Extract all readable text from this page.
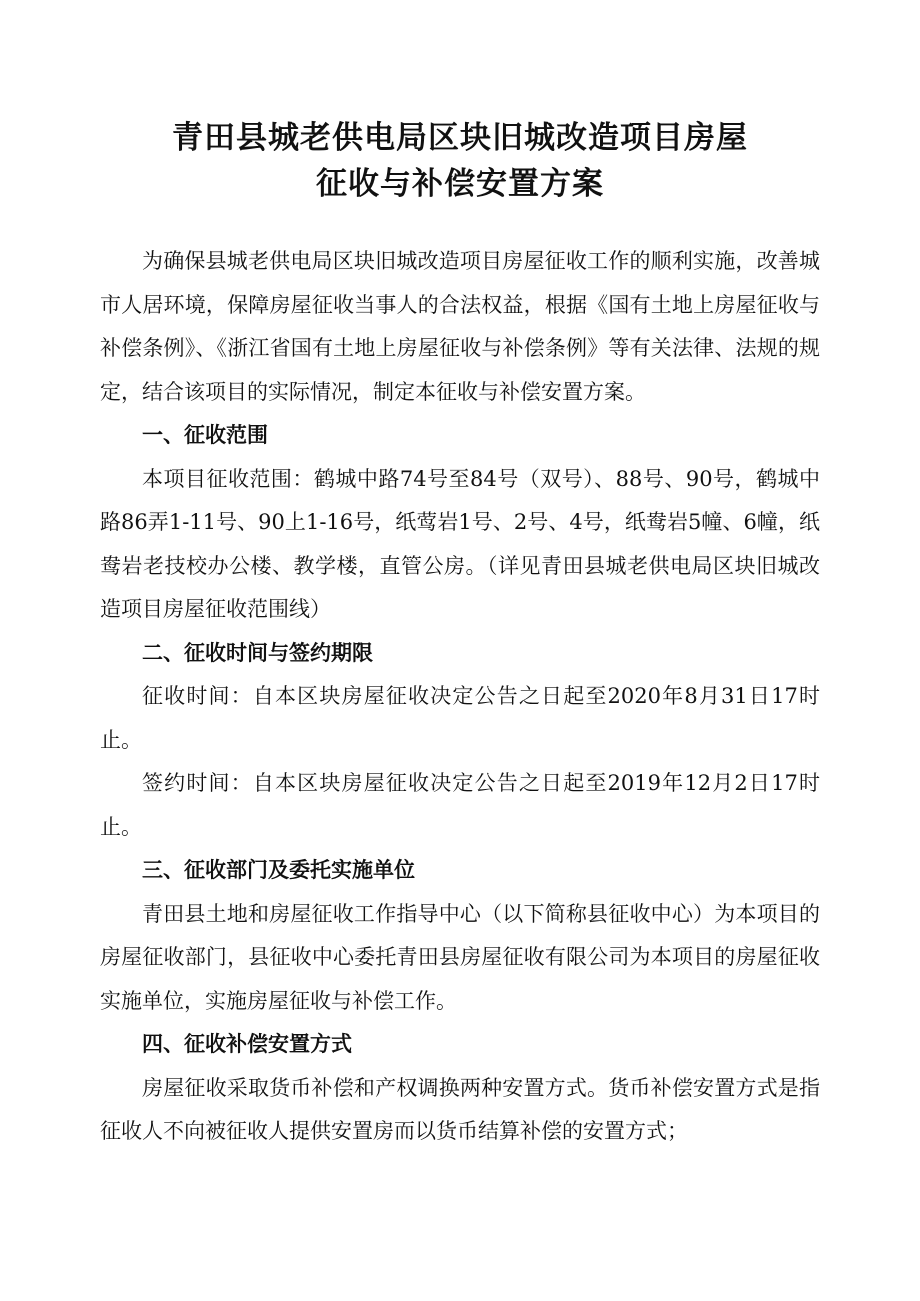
青田县城老供电局区块旧城改造项目房屋
征收与补偿安置方案

为确保县城老供电局区块旧城改造项目房屋征收工作的顺利实施，改善城市人居环境，保障房屋征收当事人的合法权益，根据《国有土地上房屋征收与补偿条例》、《浙江省国有土地上房屋征收与补偿条例》等有关法律、法规的规定，结合该项目的实际情况，制定本征收与补偿安置方案。

一、征收范围

本项目征收范围：鹤城中路74号至84号（双号）、88号、90号，鹤城中路86弄1-11号、90上1-16号，纸莺岩1号、2号、4号，纸鸯岩5幢、6幢，纸鸯岩老技校办公楼、教学楼，直管公房。（详见青田县城老供电局区块旧城改造项目房屋征收范围线）

二、征收时间与签约期限

征收时间：自本区块房屋征收决定公告之日起至2020年8月31日17时止。

签约时间：自本区块房屋征收决定公告之日起至2019年12月2日17时止。

三、征收部门及委托实施单位

青田县土地和房屋征收工作指导中心（以下简称县征收中心）为本项目的房屋征收部门，县征收中心委托青田县房屋征收有限公司为本项目的房屋征收实施单位，实施房屋征收与补偿工作。

四、征收补偿安置方式

房屋征收采取货币补偿和产权调换两种安置方式。货币补偿安置方式是指征收人不向被征收人提供安置房而以货币结算补偿的安置方式；
